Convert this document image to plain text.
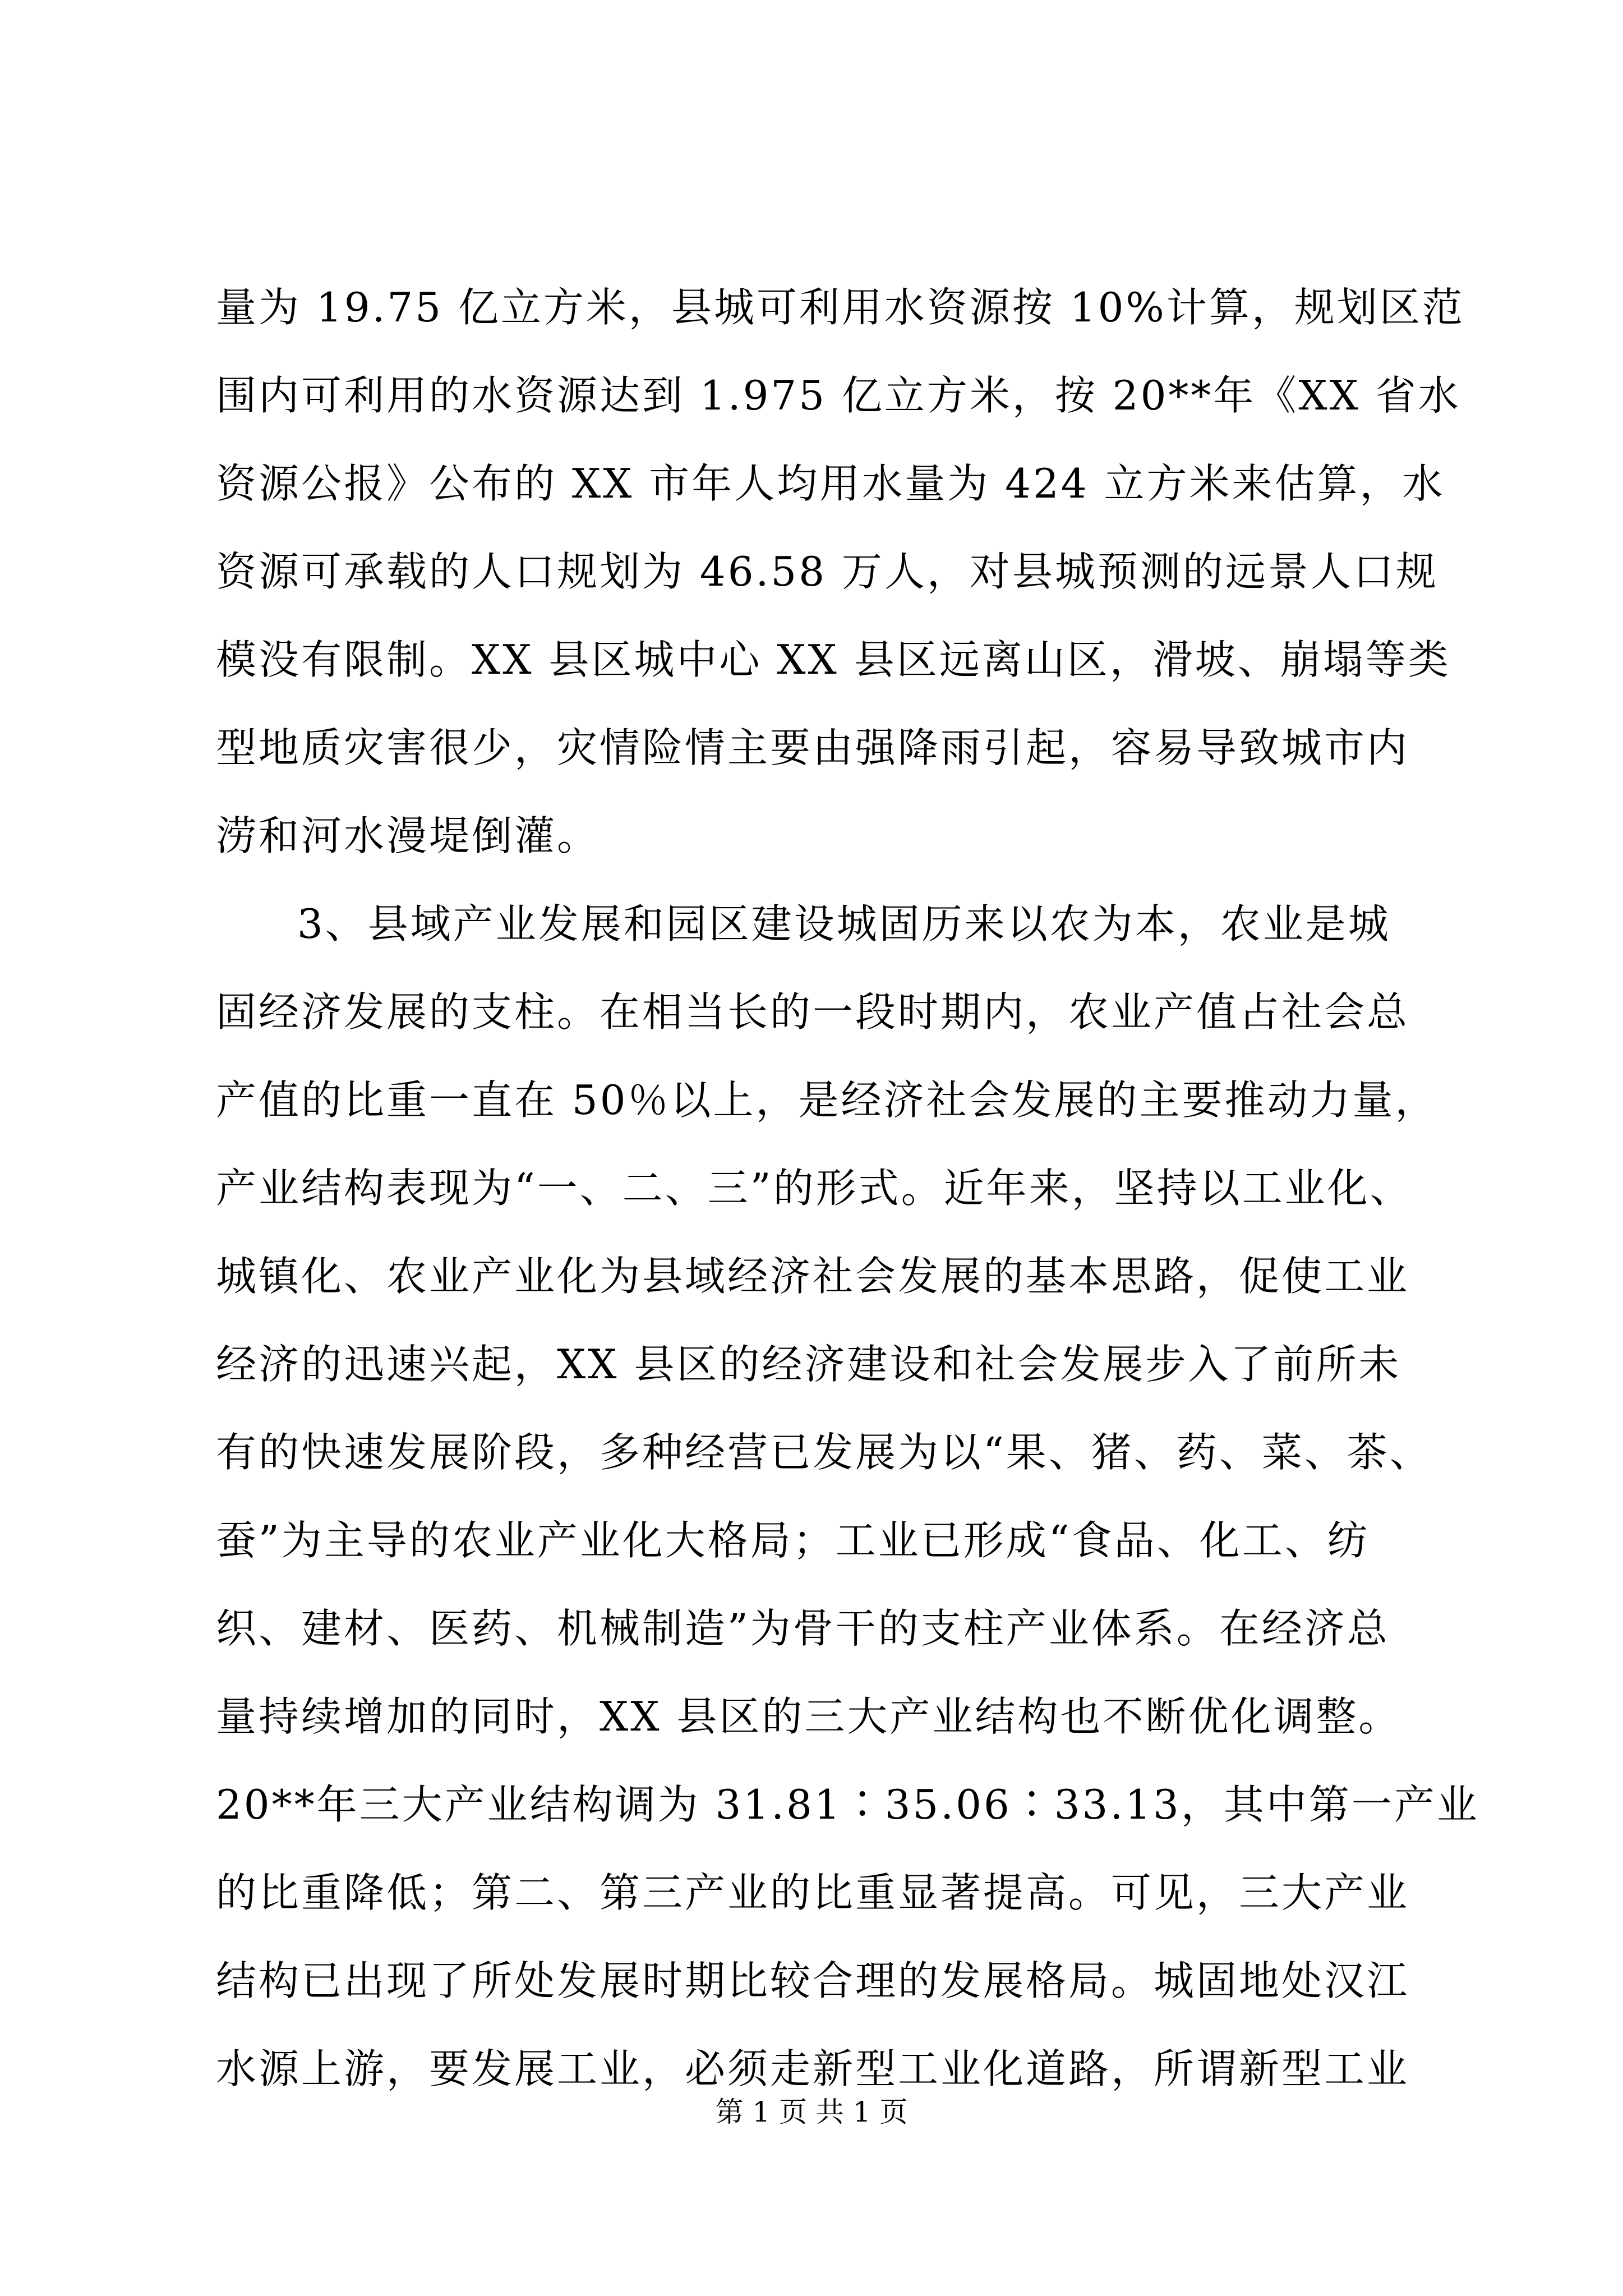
量为 19.75 亿立方米，县城可利用水资源按 10%计算，规划区范
围内可利用的水资源达到 1.975 亿立方米，按 20**年《XX 省水
资源公报》公布的 XX 市年人均用水量为 424 立方米来估算，水
资源可承载的人口规划为 46.58 万人，对县城预测的远景人口规
模没有限制。XX 县区城中心 XX 县区远离山区，滑坡、崩塌等类
型地质灾害很少，灾情险情主要由强降雨引起，容易导致城市内
涝和河水漫堤倒灌。
3、县域产业发展和园区建设城固历来以农为本，农业是城
固经济发展的支柱。在相当长的一段时期内，农业产值占社会总
产值的比重一直在 50％以上，是经济社会发展的主要推动力量，
产业结构表现为“一、二、三”的形式。近年来，坚持以工业化、
城镇化、农业产业化为县域经济社会发展的基本思路，促使工业
经济的迅速兴起，XX 县区的经济建设和社会发展步入了前所未
有的快速发展阶段，多种经营已发展为以“果、猪、药、菜、茶、
蚕”为主导的农业产业化大格局；工业已形成“食品、化工、纺
织、建材、医药、机械制造”为骨干的支柱产业体系。在经济总
量持续增加的同时，XX 县区的三大产业结构也不断优化调整。
20**年三大产业结构调为 31.81∶35.06∶33.13，其中第一产业
的比重降低；第二、第三产业的比重显著提高。可见，三大产业
结构已出现了所处发展时期比较合理的发展格局。城固地处汉江
水源上游，要发展工业，必须走新型工业化道路，所谓新型工业
第 1 页 共 1 页
